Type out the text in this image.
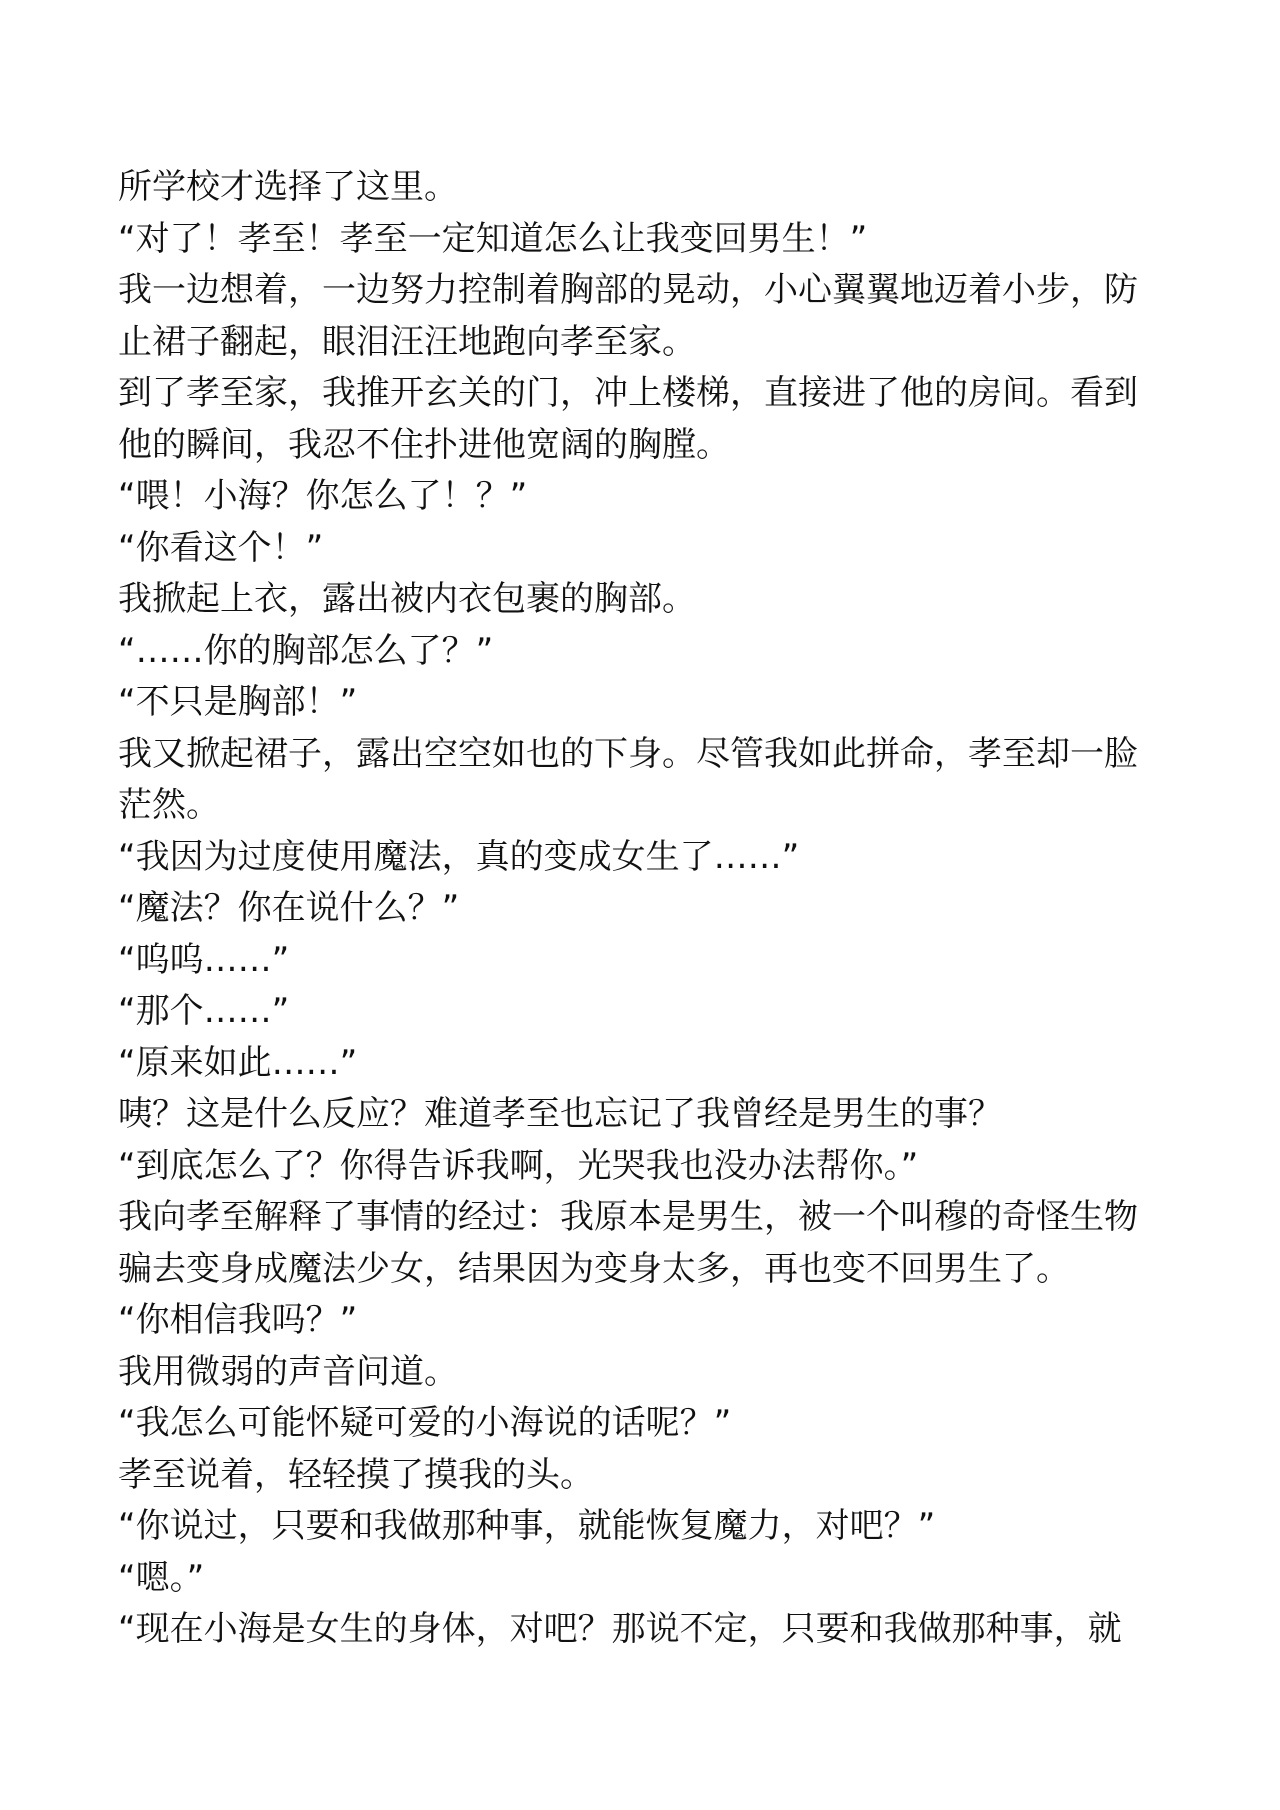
所学校才选择了这里。
“对了！孝至！孝至一定知道怎么让我变回男生！”
我一边想着，一边努力控制着胸部的晃动，小心翼翼地迈着小步，防
止裙子翻起，眼泪汪汪地跑向孝至家。
到了孝至家，我推开玄关的门，冲上楼梯，直接进了他的房间。看到
他的瞬间，我忍不住扑进他宽阔的胸膛。
“喂！小海？你怎么了！？”
“你看这个！”
我掀起上衣，露出被内衣包裹的胸部。
“……你的胸部怎么了？”
“不只是胸部！”
我又掀起裙子，露出空空如也的下身。尽管我如此拼命，孝至却一脸
茫然。
“我因为过度使用魔法，真的变成女生了……”
“魔法？你在说什么？”
“呜呜……”
“那个……”
“原来如此……”
咦？这是什么反应？难道孝至也忘记了我曾经是男生的事？
“到底怎么了？你得告诉我啊，光哭我也没办法帮你。”
我向孝至解释了事情的经过：我原本是男生，被一个叫穆的奇怪生物
骗去变身成魔法少女，结果因为变身太多，再也变不回男生了。
“你相信我吗？”
我用微弱的声音问道。
“我怎么可能怀疑可爱的小海说的话呢？”
孝至说着，轻轻摸了摸我的头。
“你说过，只要和我做那种事，就能恢复魔力，对吧？”
“嗯。”
“现在小海是女生的身体，对吧？那说不定，只要和我做那种事，就
